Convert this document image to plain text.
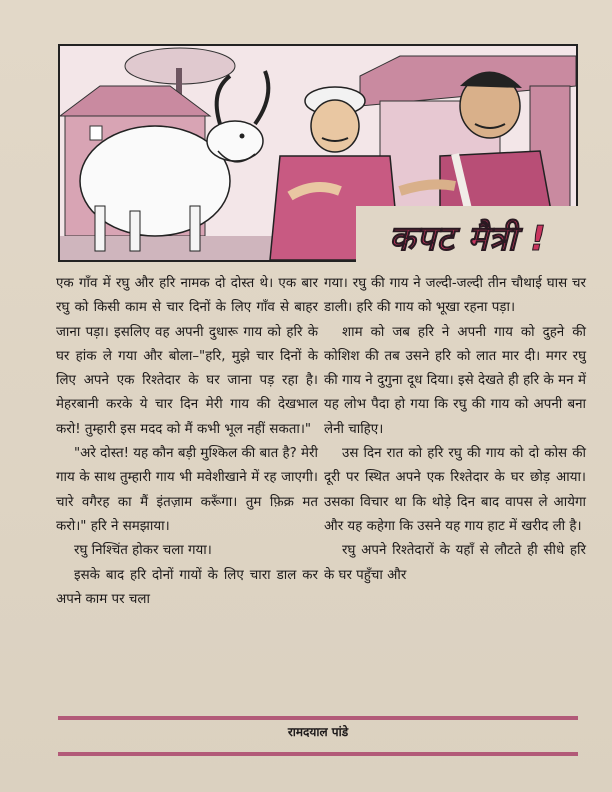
कपट मैत्री !

एक गाँव में रघु और हरि नामक दो दोस्त थे। एक बार रघु को किसी काम से चार दिनों के लिए गाँव से बाहर जाना पड़ा। इसलिए वह अपनी दुधारू गाय को हरि के घर हांक ले गया और बोला–"हरि, मुझे चार दिनों के लिए अपने एक रिश्तेदार के घर जाना पड़ रहा है। मेहरबानी करके ये चार दिन मेरी गाय की देखभाल करो! तुम्हारी इस मदद को मैं कभी भूल नहीं सकता।"

"अरे दोस्त! यह कौन बड़ी मुश्किल की बात है? मेरी गाय के साथ तुम्हारी गाय भी मवेशीखाने में रह जाएगी। चारे वगैरह का मैं इंतज़ाम करूँगा। तुम फ़िक्र मत करो।" हरि ने समझाया।

रघु निश्चिंत होकर चला गया।

इसके बाद हरि दोनों गायों के लिए चारा डाल कर अपने काम पर चला

गया। रघु की गाय ने जल्दी-जल्दी तीन चौथाई घास चर डाली। हरि की गाय को भूखा रहना पड़ा।

शाम को जब हरि ने अपनी गाय को दुहने की कोशिश की तब उसने हरि को लात मार दी। मगर रघु की गाय ने दुगुना दूध दिया। इसे देखते ही हरि के मन में यह लोभ पैदा हो गया कि रघु की गाय को अपनी बना लेनी चाहिए।

उस दिन रात को हरि रघु की गाय को दो कोस की दूरी पर स्थित अपने एक रिश्तेदार के घर छोड़ आया। उसका विचार था कि थोड़े दिन बाद वापस ले आयेगा और यह कहेगा कि उसने यह गाय हाट में खरीद ली है।

रघु अपने रिश्तेदारों के यहाँ से लौटते ही सीधे हरि के घर पहुँचा और

रामदयाल पांडे
